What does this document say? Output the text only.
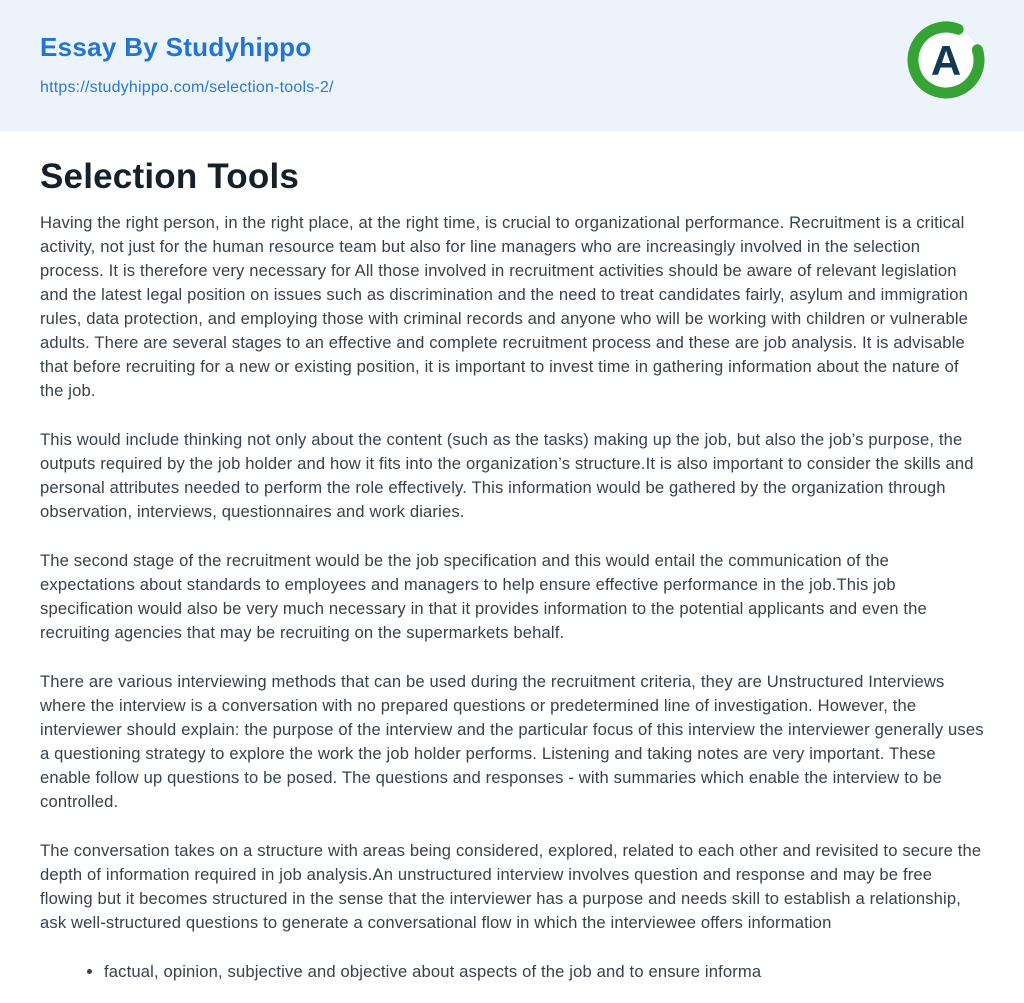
Essay By Studyhippo
https://studyhippo.com/selection-tools-2/
A
Selection Tools

Having the right person, in the right place, at the right time, is crucial to organizational performance. Recruitment is a critical activity, not just for the human resource team but also for line managers who are increasingly involved in the selection process. It is therefore very necessary for All those involved in recruitment activities should be aware of relevant legislation and the latest legal position on issues such as discrimination and the need to treat candidates fairly, asylum and immigration rules, data protection, and employing those with criminal records and anyone who will be working with children or vulnerable adults. There are several stages to an effective and complete recruitment process and these are job analysis. It is advisable that before recruiting for a new or existing position, it is important to invest time in gathering information about the nature of the job.

This would include thinking not only about the content (such as the tasks) making up the job, but also the job’s purpose, the outputs required by the job holder and how it fits into the organization’s structure.It is also important to consider the skills and personal attributes needed to perform the role effectively. This information would be gathered by the organization through observation, interviews, questionnaires and work diaries.

The second stage of the recruitment would be the job specification and this would entail the communication of the expectations about standards to employees and managers to help ensure effective performance in the job.This job specification would also be very much necessary in that it provides information to the potential applicants and even the recruiting agencies that may be recruiting on the supermarkets behalf.

There are various interviewing methods that can be used during the recruitment criteria, they are Unstructured Interviews where the interview is a conversation with no prepared questions or predetermined line of investigation. However, the interviewer should explain: the purpose of the interview and the particular focus of this interview the interviewer generally uses a questioning strategy to explore the work the job holder performs. Listening and taking notes are very important. These enable follow up questions to be posed. The questions and responses - with summaries which enable the interview to be controlled.

The conversation takes on a structure with areas being considered, explored, related to each other and revisited to secure the depth of information required in job analysis.An unstructured interview involves question and response and may be free flowing but it becomes structured in the sense that the interviewer has a purpose and needs skill to establish a relationship, ask well-structured questions to generate a conversational flow in which the interviewee offers information

• factual, opinion, subjective and objective about aspects of the job and to ensure informa
